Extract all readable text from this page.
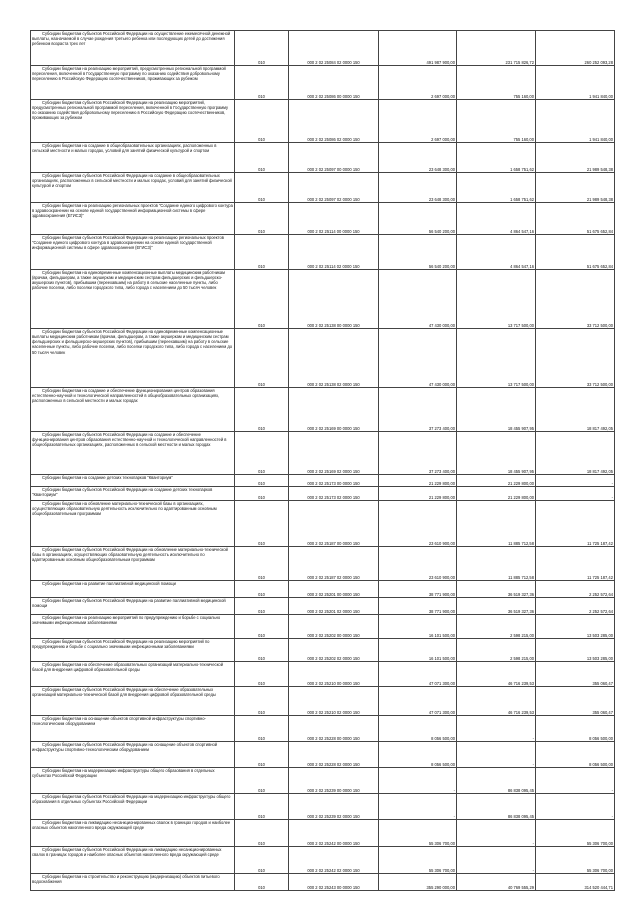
Субсидии бюджетам субъектов Российской Федерации на осуществление ежемесячной денежной выплаты, назначаемой в случае рождения третьего ребенка или последующих детей до достижения ребенком возраста трех лет	010	000 2 02 25084 02 0000 150	491 987 900,00	231 715 826,72	260 252 093,28
Субсидии бюджетам на реализацию мероприятий, предусмотренных региональной программой переселения, включенной в Государственную программу по оказанию содействия добровольному переселению в Российскую Федерацию соотечественников, проживающих за рубежом	010	000 2 02 25086 00 0000 150	2 697 000,00	755 160,00	1 941 840,00
Субсидии бюджетам субъектов Российской Федерации на реализацию мероприятий, предусмотренных региональной программой переселения, включенной в Государственную программу по оказанию содействия добровольному переселению в Российскую Федерацию соотечественников, проживающих за рубежом	010	000 2 02 25086 02 0000 150	2 697 000,00	755 160,00	1 941 840,00
Субсидии бюджетам на создание в общеобразовательных организациях, расположенных в сельской местности и малых городах, условий для занятий физической культурой и спортом	010	000 2 02 25097 00 0000 150	23 648 300,00	1 658 751,62	21 989 548,38
Субсидии бюджетам субъектов Российской Федерации на создание в общеобразовательных организациях, расположенных в сельской местности и малых городах, условий для занятий физической культурой и спортом	010	000 2 02 25097 02 0000 150	23 648 300,00	1 658 751,62	21 989 548,38
Субсидии бюджетам на реализацию региональных проектов "Создание единого цифрового контура в здравоохранении на основе единой государственной информационной системы в сфере здравоохранения (ЕГИСЗ)"	010	000 2 02 25114 00 0000 150	56 540 200,00	4 864 547,16	51 675 652,84
Субсидии бюджетам субъектов Российской Федерации на реализацию региональных проектов "Создание единого цифрового контура в здравоохранении на основе единой государственной информационной системы в сфере здравоохранения (ЕГИСЗ)"	010	000 2 02 25114 02 0000 150	56 540 200,00	4 864 547,16	51 675 652,84
Субсидии бюджетам на единовременные компенсационные выплаты медицинским работникам (врачам, фельдшерам, а также акушеркам и медицинским сестрам фельдшерских и фельдшерско-акушерских пунктов), прибывшим (переехавшим) на работу в сельские населенные пункты, либо рабочие поселки, либо поселки городского типа, либо города с населением до 50 тысяч человек	010	000 2 02 25138 00 0000 150	47 430 000,00	13 717 500,00	33 712 500,00
Субсидии бюджетам субъектов Российской Федерации на единовременные компенсационные выплаты медицинским работникам (врачам, фельдшерам, а также акушеркам и медицинским сестрам фельдшерских и фельдшерско-акушерских пунктов), прибывшим (переехавшим) на работу в сельские населенные пункты, либо рабочие поселки, либо поселки городского типа, либо города с населением до 50 тысяч человек	010	000 2 02 25138 02 0000 150	47 430 000,00	13 717 500,00	33 712 500,00
Субсидии бюджетам на создание и обеспечение функционирования центров образования естественно-научной и технологической направленностей в общеобразовательных организациях, расположенных в сельской местности и малых городах	010	000 2 02 25169 00 0000 150	37 273 400,00	18 455 907,95	18 817 492,05
Субсидии бюджетам субъектов Российской Федерации на создание и обеспечение функционирования центров образования естественно-научной и технологической направленностей в общеобразовательных организациях, расположенных в сельской местности и малых городах	010	000 2 02 25169 02 0000 150	37 273 400,00	18 455 907,95	18 817 492,05
Субсидии бюджетам на создание детских технопарков "Кванториум"	010	000 2 02 25173 00 0000 150	21 229 800,00	21 229 800,00	-
Субсидии бюджетам субъектов Российской Федерации на создание детских технопарков "Кванториум"	010	000 2 02 25173 02 0000 150	21 229 800,00	21 229 800,00	-
Субсидии бюджетам на обновление материально-технической базы в организациях, осуществляющих образовательную деятельность исключительно по адаптированным основным общеобразовательным программам	010	000 2 02 25187 00 0000 150	23 610 900,00	11 885 712,58	11 725 187,42
Субсидии бюджетам субъектов Российской Федерации на обновление материально-технической базы в организациях, осуществляющих образовательную деятельность исключительно по адаптированным основным общеобразовательным программам	010	000 2 02 25187 02 0000 150	23 610 900,00	11 885 712,58	11 725 187,42
Субсидии бюджетам на развитие паллиативной медицинской помощи	010	000 2 02 25201 00 0000 150	38 771 900,00	36 519 327,36	2 252 572,64
Субсидии бюджетам субъектов Российской Федерации на развитие паллиативной медицинской помощи	010	000 2 02 25201 02 0000 150	38 771 900,00	36 519 327,36	2 252 572,64
Субсидии бюджетам на реализацию мероприятий по предупреждению и борьбе с социально значимыми инфекционными заболеваниями	010	000 2 02 25202 00 0000 150	16 101 500,00	2 598 215,00	13 503 285,00
Субсидии бюджетам субъектов Российской Федерации на реализацию мероприятий по предупреждению и борьбе с социально значимыми инфекционными заболеваниями	010	000 2 02 25202 02 0000 150	16 101 500,00	2 598 215,00	13 503 285,00
Субсидии бюджетам на обеспечение образовательных организаций материально-технической базой для внедрения цифровой образовательной среды	010	000 2 02 25210 00 0000 150	47 071 300,00	46 716 239,53	355 060,47
Субсидии бюджетам субъектов Российской Федерации на обеспечение образовательных организаций материально-технической базой для внедрения цифровой образовательной среды	010	000 2 02 25210 02 0000 150	47 071 300,00	46 716 239,53	355 060,47
Субсидии бюджетам на оснащение объектов спортивной инфраструктуры спортивно-технологическим оборудованием	010	000 2 02 25228 00 0000 150	8 056 500,00	-	8 056 500,00
Субсидии бюджетам субъектов Российской Федерации на оснащение объектов спортивной инфраструктуры спортивно-технологическим оборудованием	010	000 2 02 25228 02 0000 150	8 056 500,00	-	8 056 500,00
Субсидии бюджетам на модернизацию инфраструктуры общего образования в отдельных субъектах Российской Федерации	010	000 2 02 25239 00 0000 150	-	86 838 095,45	-
Субсидии бюджетам субъектов Российской Федерации на модернизацию инфраструктуры общего образования в отдельных субъектах Российской Федерации	010	000 2 02 25239 02 0000 150	-	86 838 095,45	-
Субсидии бюджетам на ликвидацию несанкционированных свалок в границах городов и наиболее опасных объектов накопленного вреда окружающей среде	010	000 2 02 25242 00 0000 150	55 306 700,00	-	55 306 700,00
Субсидии бюджетам субъектов Российской Федерации на ликвидацию несанкционированных свалок в границах городов и наиболее опасных объектов накопленного вреда окружающей среде	010	000 2 02 25242 02 0000 150	55 306 700,00	-	55 306 700,00
Субсидии бюджетам на строительство и реконструкцию (модернизацию) объектов питьевого водоснабжения	010	000 2 02 25243 00 0000 150	355 290 000,00	40 769 555,29	314 520 444,71
